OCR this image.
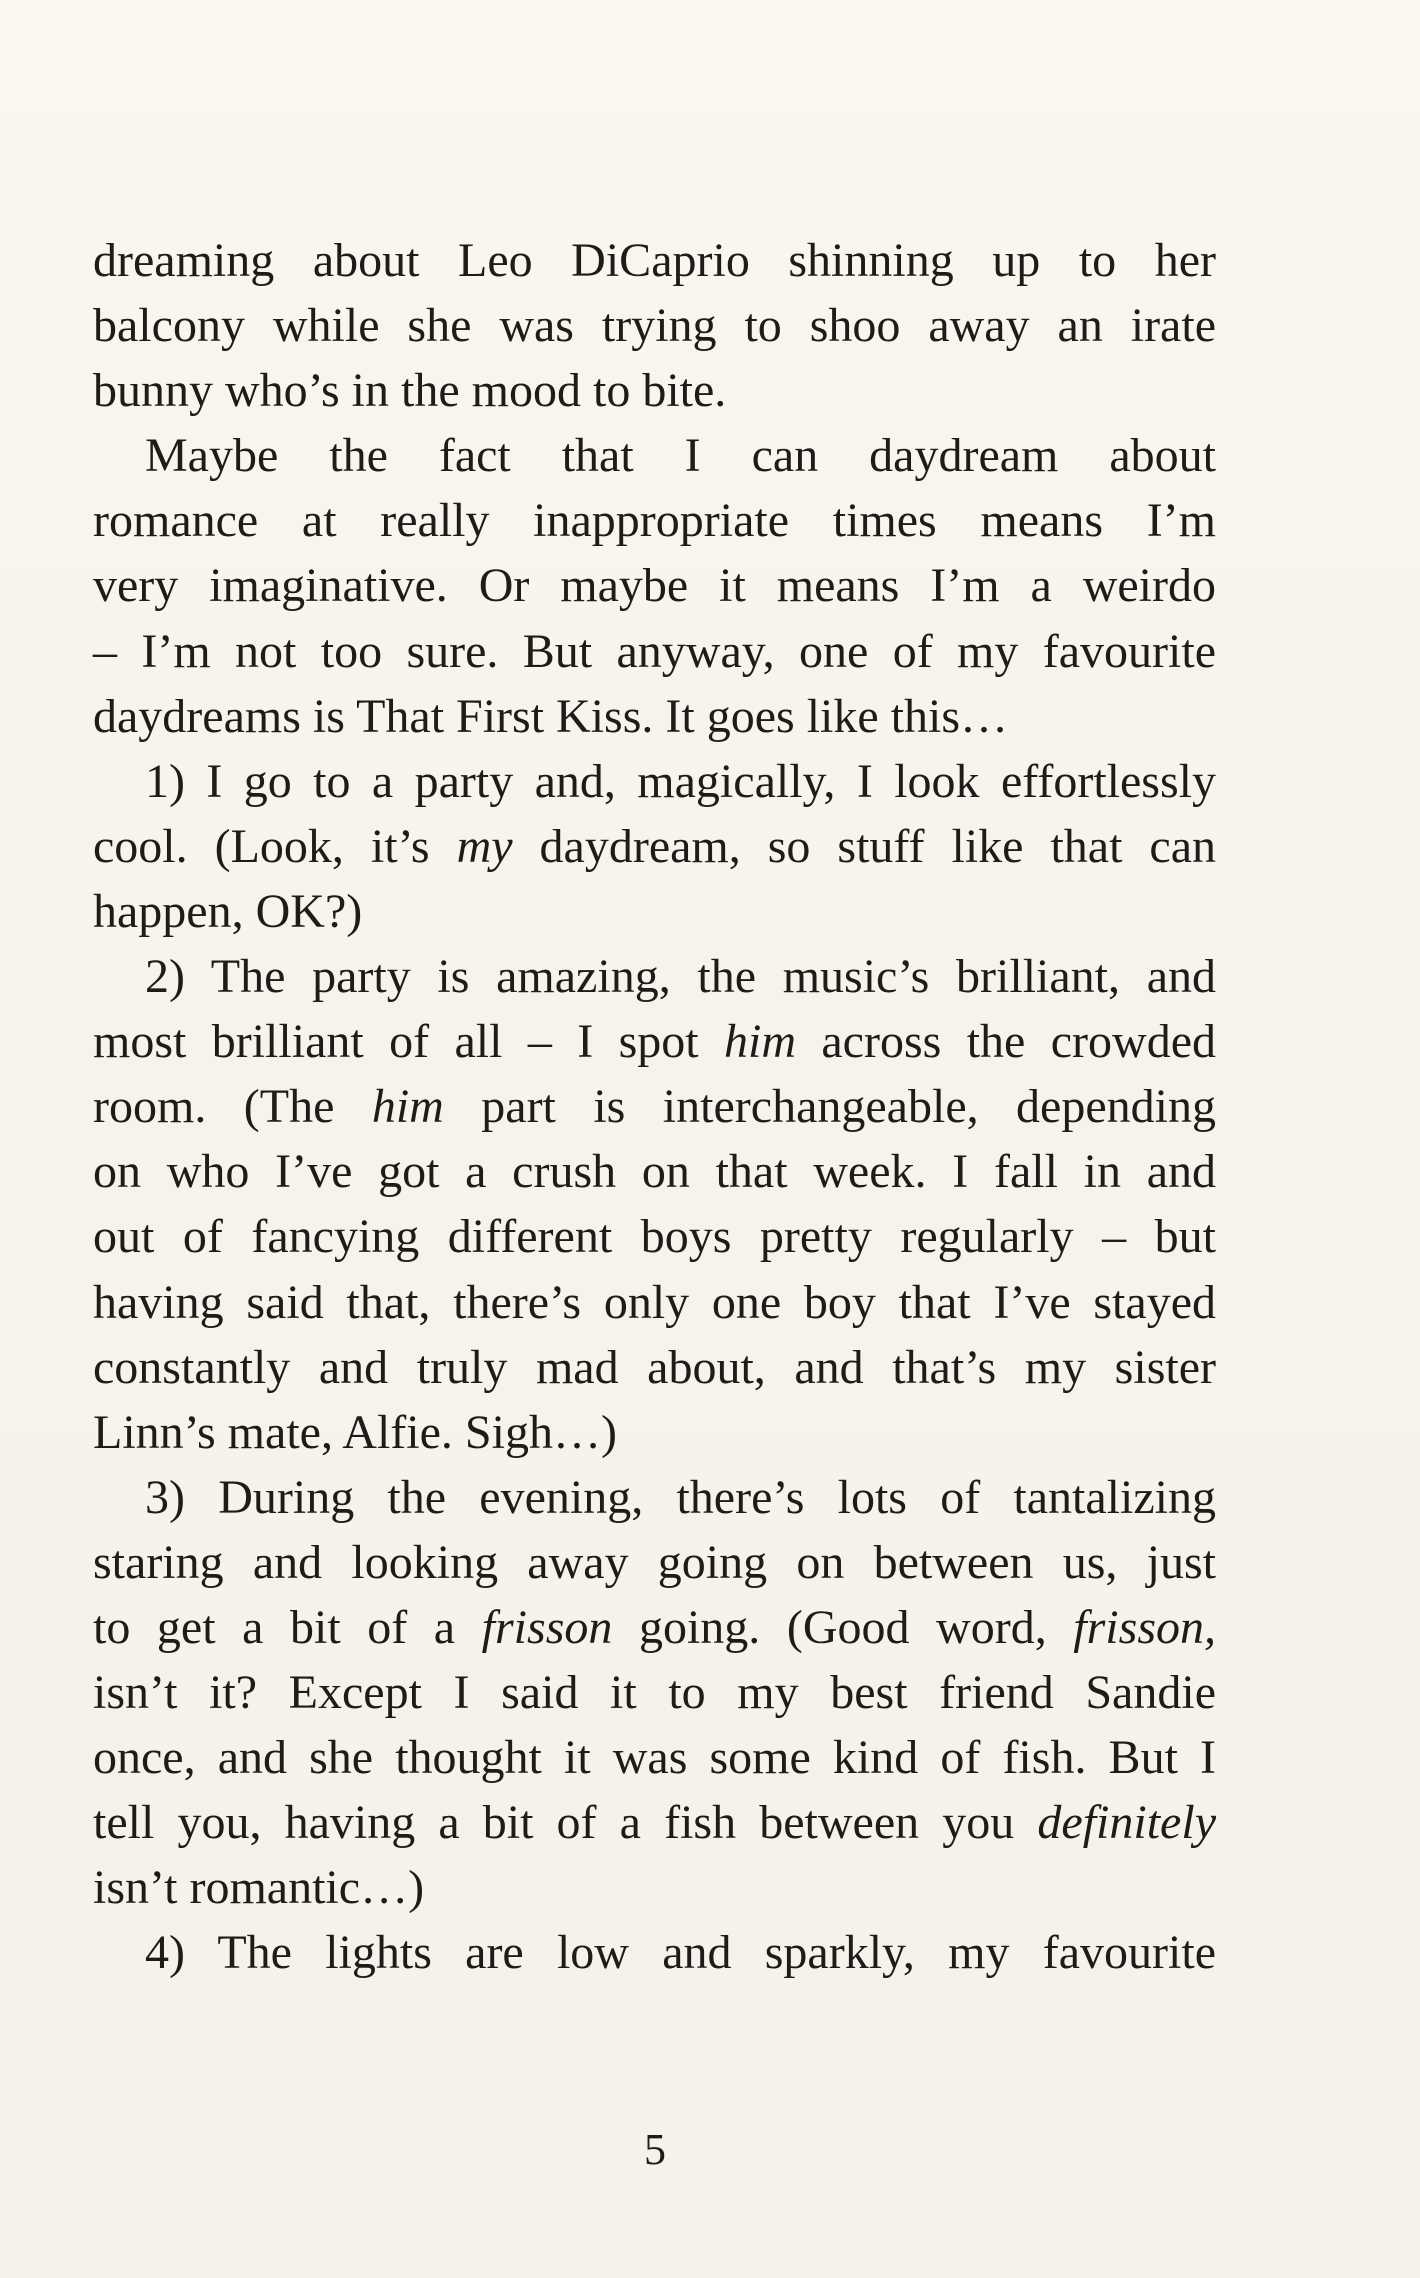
dreaming about Leo DiCaprio shinning up to her
balcony while she was trying to shoo away an irate
bunny who’s in the mood to bite.
Maybe the fact that I can daydream about
romance at really inappropriate times means I’m
very imaginative. Or maybe it means I’m a weirdo
– I’m not too sure. But anyway, one of my favourite
daydreams is That First Kiss. It goes like this…
1) I go to a party and, magically, I look effortlessly
cool. (Look, it’s my daydream, so stuff like that can
happen, OK?)
2) The party is amazing, the music’s brilliant, and
most brilliant of all – I spot him across the crowded
room. (The him part is interchangeable, depending
on who I’ve got a crush on that week. I fall in and
out of fancying different boys pretty regularly – but
having said that, there’s only one boy that I’ve stayed
constantly and truly mad about, and that’s my sister
Linn’s mate, Alfie. Sigh…)
3) During the evening, there’s lots of tantalizing
staring and looking away going on between us, just
to get a bit of a frisson going. (Good word, frisson,
isn’t it? Except I said it to my best friend Sandie
once, and she thought it was some kind of fish. But I
tell you, having a bit of a fish between you definitely
isn’t romantic…)
4) The lights are low and sparkly, my favourite
5
